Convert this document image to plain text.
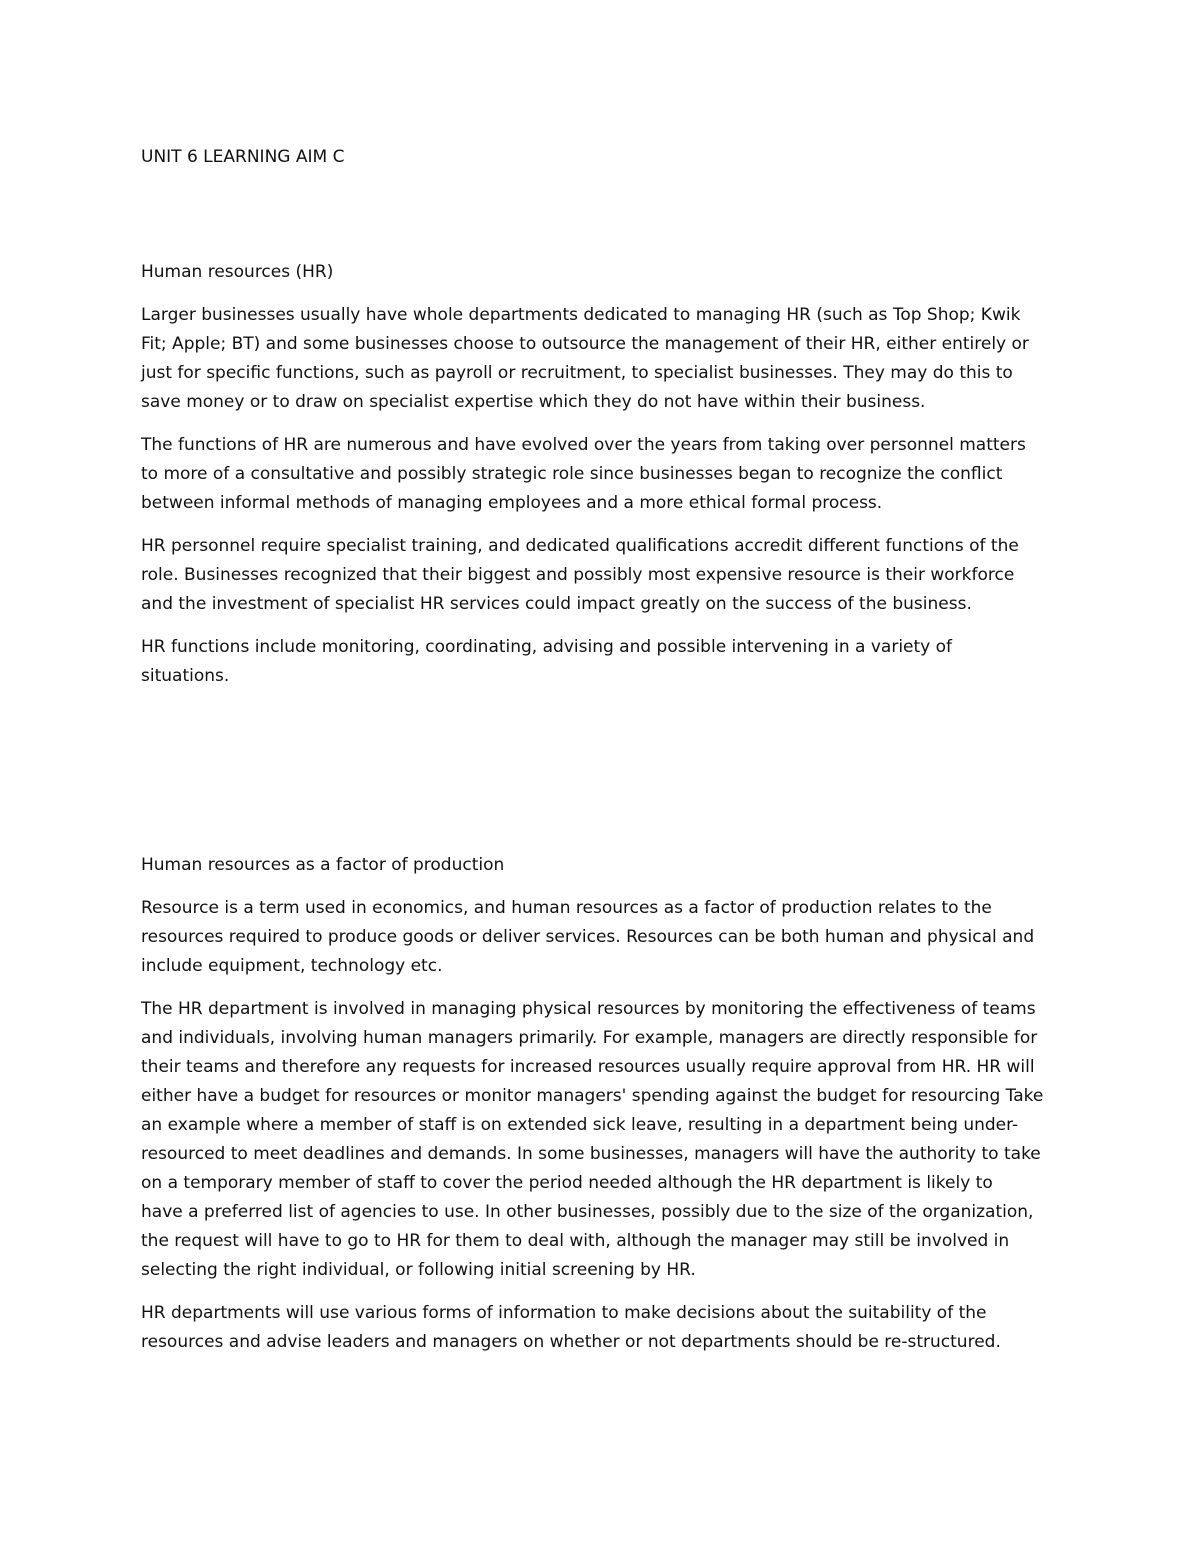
UNIT 6 LEARNING AIM C
Human resources (HR)

Larger businesses usually have whole departments dedicated to managing HR (such as Top Shop; Kwik
Fit; Apple; BT) and some businesses choose to outsource the management of their HR, either entirely or
just for specific functions, such as payroll or recruitment, to specialist businesses. They may do this to
save money or to draw on specialist expertise which they do not have within their business.

The functions of HR are numerous and have evolved over the years from taking over personnel matters
to more of a consultative and possibly strategic role since businesses began to recognize the conflict
between informal methods of managing employees and a more ethical formal process.

HR personnel require specialist training, and dedicated qualifications accredit different functions of the
role. Businesses recognized that their biggest and possibly most expensive resource is their workforce
and the investment of specialist HR services could impact greatly on the success of the business.

HR functions include monitoring, coordinating, advising and possible intervening in a variety of
situations.

Human resources as a factor of production

Resource is a term used in economics, and human resources as a factor of production relates to the
resources required to produce goods or deliver services. Resources can be both human and physical and
include equipment, technology etc.

The HR department is involved in managing physical resources by monitoring the effectiveness of teams
and individuals, involving human managers primarily. For example, managers are directly responsible for
their teams and therefore any requests for increased resources usually require approval from HR. HR will
either have a budget for resources or monitor managers' spending against the budget for resourcing Take
an example where a member of staff is on extended sick leave, resulting in a department being under-
resourced to meet deadlines and demands. In some businesses, managers will have the authority to take
on a temporary member of staff to cover the period needed although the HR department is likely to
have a preferred list of agencies to use. In other businesses, possibly due to the size of the organization,
the request will have to go to HR for them to deal with, although the manager may still be involved in
selecting the right individual, or following initial screening by HR.

HR departments will use various forms of information to make decisions about the suitability of the
resources and advise leaders and managers on whether or not departments should be re-structured.
